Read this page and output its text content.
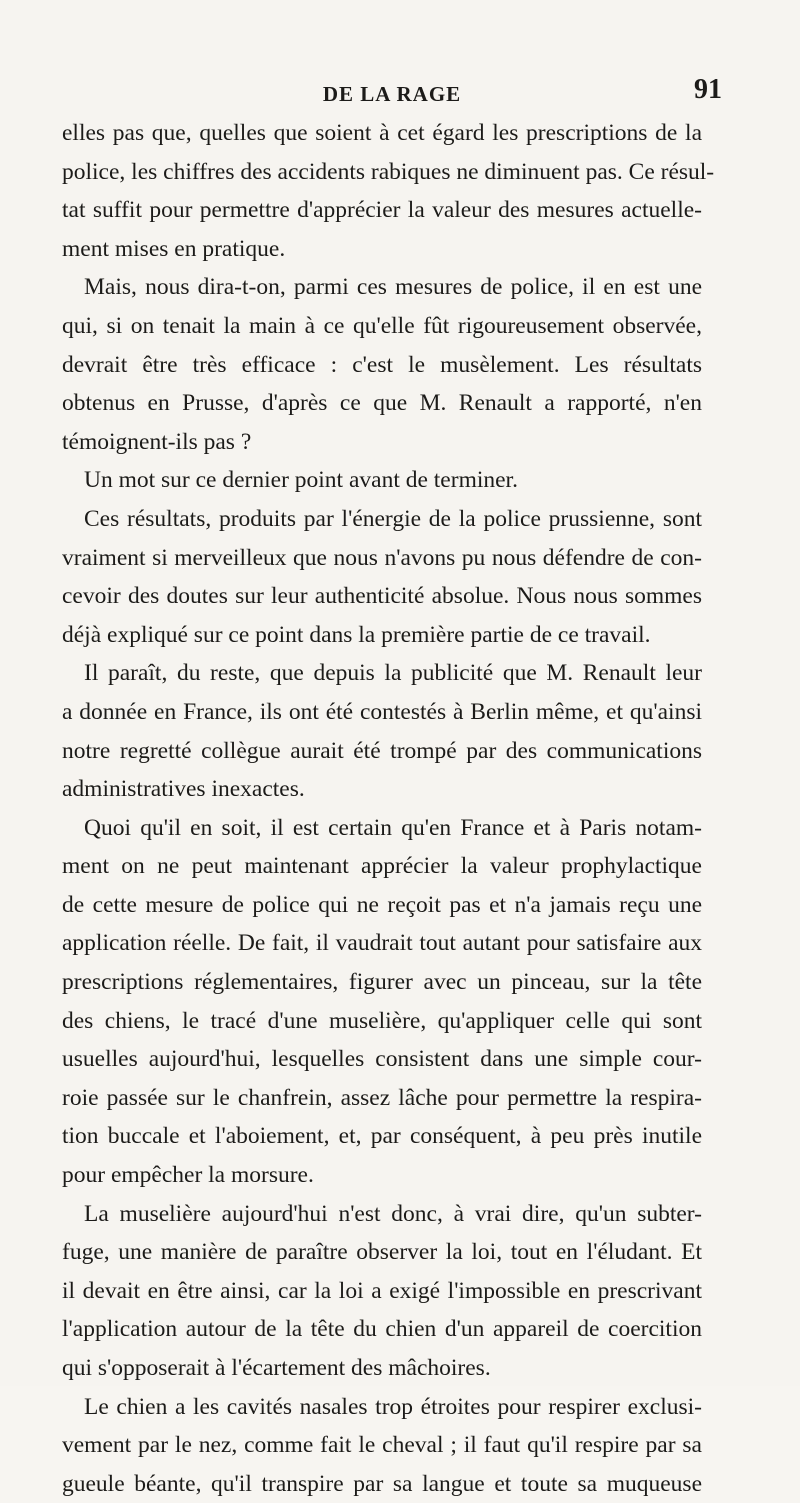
DE LA RAGE	91
elles pas que, quelles que soient à cet égard les prescriptions de la
police, les chiffres des accidents rabiques ne diminuent pas. Ce résul-
tat suffit pour permettre d'apprécier la valeur des mesures actuelle-
ment mises en pratique.
Mais, nous dira-t-on, parmi ces mesures de police, il en est une
qui, si on tenait la main à ce qu'elle fût rigoureusement observée,
devrait être très efficace : c'est le musèlement. Les résultats
obtenus en Prusse, d'après ce que M. Renault a rapporté, n'en
témoignent-ils pas ?
Un mot sur ce dernier point avant de terminer.
Ces résultats, produits par l'énergie de la police prussienne, sont
vraiment si merveilleux que nous n'avons pu nous défendre de con-
cevoir des doutes sur leur authenticité absolue. Nous nous sommes
déjà expliqué sur ce point dans la première partie de ce travail.
Il paraît, du reste, que depuis la publicité que M. Renault leur
a donnée en France, ils ont été contestés à Berlin même, et qu'ainsi
notre regretté collègue aurait été trompé par des communications
administratives inexactes.
Quoi qu'il en soit, il est certain qu'en France et à Paris notam-
ment on ne peut maintenant apprécier la valeur prophylactique
de cette mesure de police qui ne reçoit pas et n'a jamais reçu une
application réelle. De fait, il vaudrait tout autant pour satisfaire aux
prescriptions réglementaires, figurer avec un pinceau, sur la tête
des chiens, le tracé d'une muselière, qu'appliquer celle qui sont
usuelles aujourd'hui, lesquelles consistent dans une simple cour-
roie passée sur le chanfrein, assez lâche pour permettre la respira-
tion buccale et l'aboiement, et, par conséquent, à peu près inutile
pour empêcher la morsure.
La muselière aujourd'hui n'est donc, à vrai dire, qu'un subter-
fuge, une manière de paraître observer la loi, tout en l'éludant. Et
il devait en être ainsi, car la loi a exigé l'impossible en prescrivant
l'application autour de la tête du chien d'un appareil de coercition
qui s'opposerait à l'écartement des mâchoires.
Le chien a les cavités nasales trop étroites pour respirer exclusi-
vement par le nez, comme fait le cheval ; il faut qu'il respire par sa
gueule béante, qu'il transpire par sa langue et toute sa muqueuse
